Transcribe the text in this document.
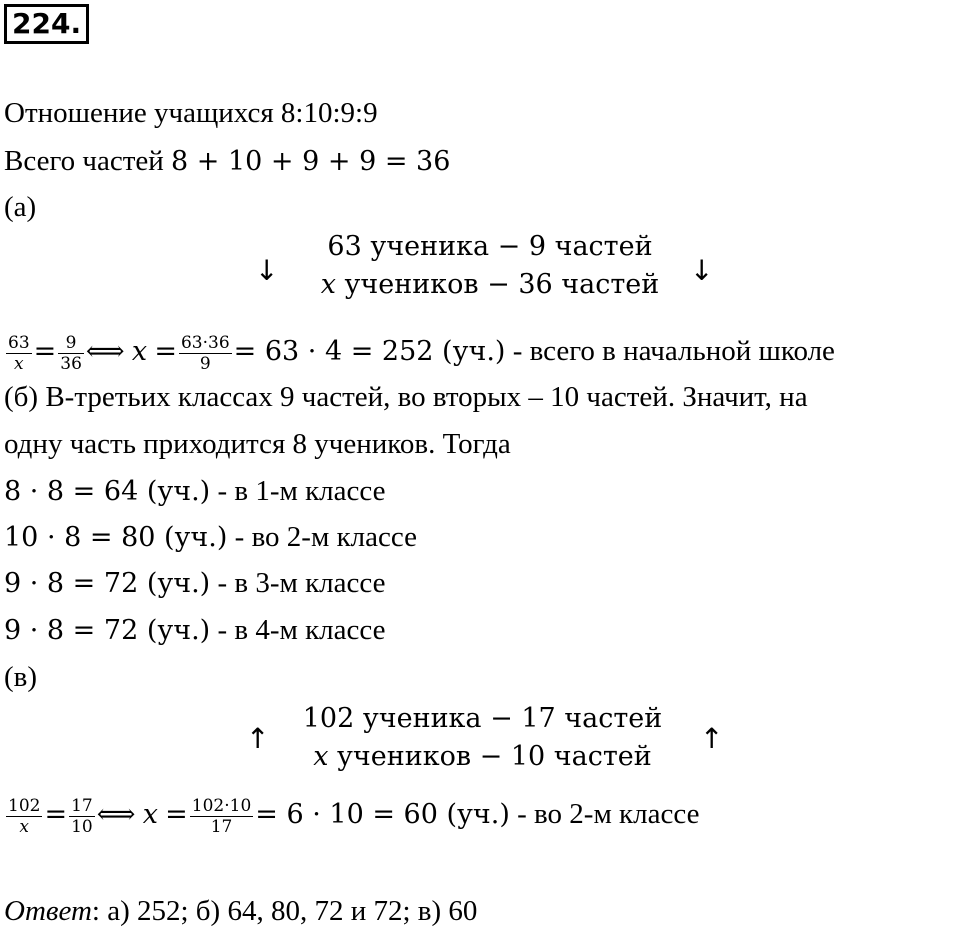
224.
Отношение учащихся 8:10:9:9
Всего частей 8 + 10 + 9 + 9 = 36
(а)
↓
63 ученика − 9 частей
x учеников − 36 частей	↓
$\frac{63}{x} = \frac{9}{36}$ ⟺ $x = \frac{63\cdot 36}{9} = 63 \cdot 4 = 252$ (уч.) - всего в начальной школе
(б) В-третьих классах 9 частей, во вторых – 10 частей. Значит, на
одну часть приходится 8 учеников. Тогда
8 · 8 = 64 (уч.) - в 1-м классе
10 · 8 = 80 (уч.) - во 2-м классе
9 · 8 = 72 (уч.) - в 3-м классе
9 · 8 = 72 (уч.) - в 4-м классе
(в)
↑
102 ученика − 17 частей
x учеников − 10 частей
↑
$\frac{102}{x} = \frac{17}{10}$ ⟺ $x = \frac{102\cdot 10}{17} = 6 \cdot 10 = 60$ (уч.) - во 2-м классе
Ответ: а) 252; б) 64, 80, 72 и 72; в) 60
